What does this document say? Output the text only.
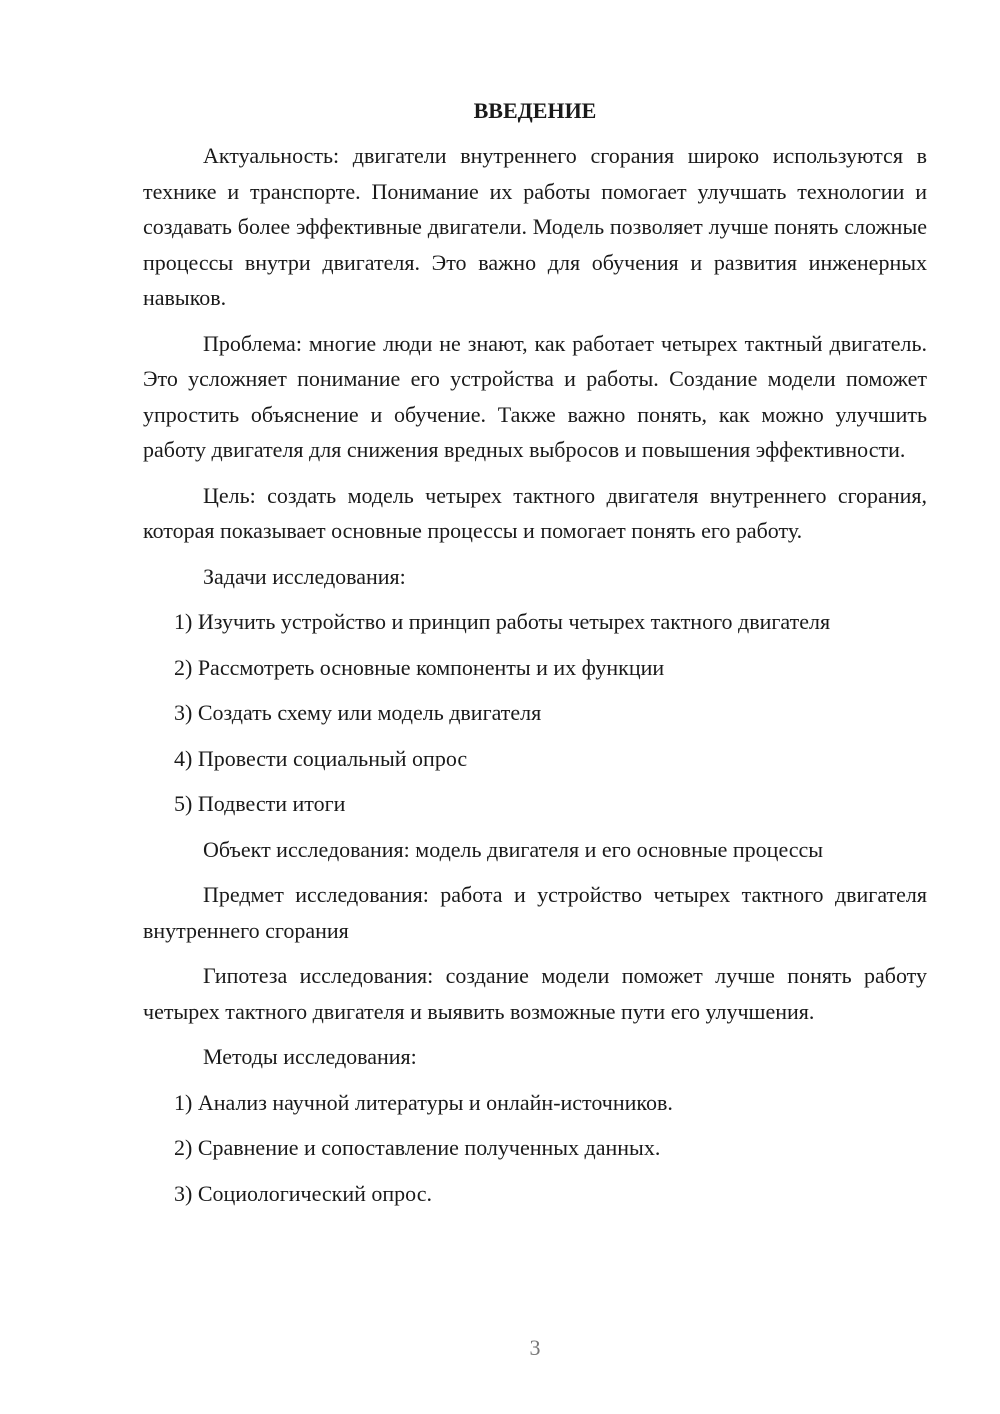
ВВЕДЕНИЕ

Актуальность: двигатели внутреннего сгорания широко используются в технике и транспорте. Понимание их работы помогает улучшать технологии и создавать более эффективные двигатели. Модель позволяет лучше понять сложные процессы внутри двигателя. Это важно для обучения и развития инженерных навыков.

Проблема: многие люди не знают, как работает четырех тактный двигатель. Это усложняет понимание его устройства и работы. Создание модели поможет упростить объяснение и обучение. Также важно понять, как можно улучшить работу двигателя для снижения вредных выбросов и повышения эффективности.

Цель: создать модель четырех тактного двигателя внутреннего сгорания, которая показывает основные процессы и помогает понять его работу.

Задачи исследования:

1) Изучить устройство и принцип работы четырех тактного двигателя
2) Рассмотреть основные компоненты и их функции
3) Создать схему или модель двигателя
4) Провести социальный опрос
5) Подвести итоги

Объект исследования: модель двигателя и его основные процессы

Предмет исследования: работа и устройство четырех тактного двигателя внутреннего сгорания

Гипотеза исследования: создание модели поможет лучше понять работу четырех тактного двигателя и выявить возможные пути его улучшения.

Методы исследования:

1) Анализ научной литературы и онлайн-источников.
2) Сравнение и сопоставление полученных данных.
3) Социологический опрос.
3
